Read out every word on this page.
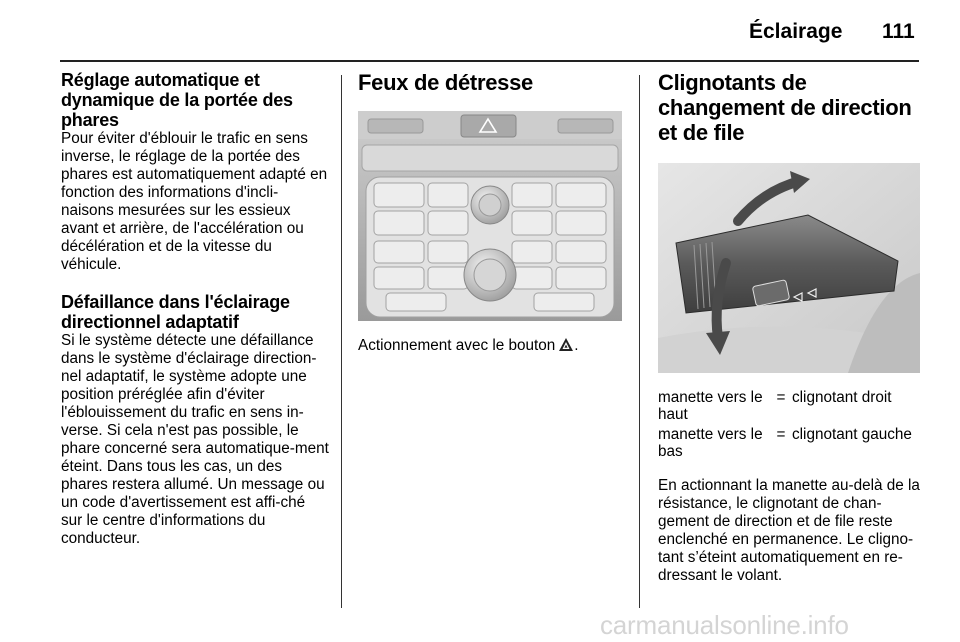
Éclairage 111
Réglage automatique et dynamique de la portée des phares

Pour éviter d'éblouir le trafic en sens inverse, le réglage de la portée des phares est automatiquement adapté en fonction des informations d'incli-naisons mesurées sur les essieux avant et arrière, de l'accélération ou décélération et de la vitesse du véhicule.

Défaillance dans l'éclairage directionnel adaptatif

Si le système détecte une défaillance dans le système d'éclairage direction-nel adaptatif, le système adopte une position préréglée afin d'éviter l'éblouissement du trafic en sens in-verse. Si cela n'est pas possible, le phare concerné sera automatique-ment éteint. Dans tous les cas, un des phares restera allumé. Un message ou un code d'avertissement est affi-ché sur le centre d'informations du conducteur.

Feux de détresse

Actionnement avec le bouton .

Clignotants de changement de direction et de file
manette vers le haut	=	clignotant droit
manette vers le bas	=	clignotant gauche

En actionnant la manette au-delà de la résistance, le clignotant de chan-gement de direction et de file reste enclenché en permanence. Le cligno-tant s’éteint automatiquement en re-dressant le volant.

carmanualsonline.info
